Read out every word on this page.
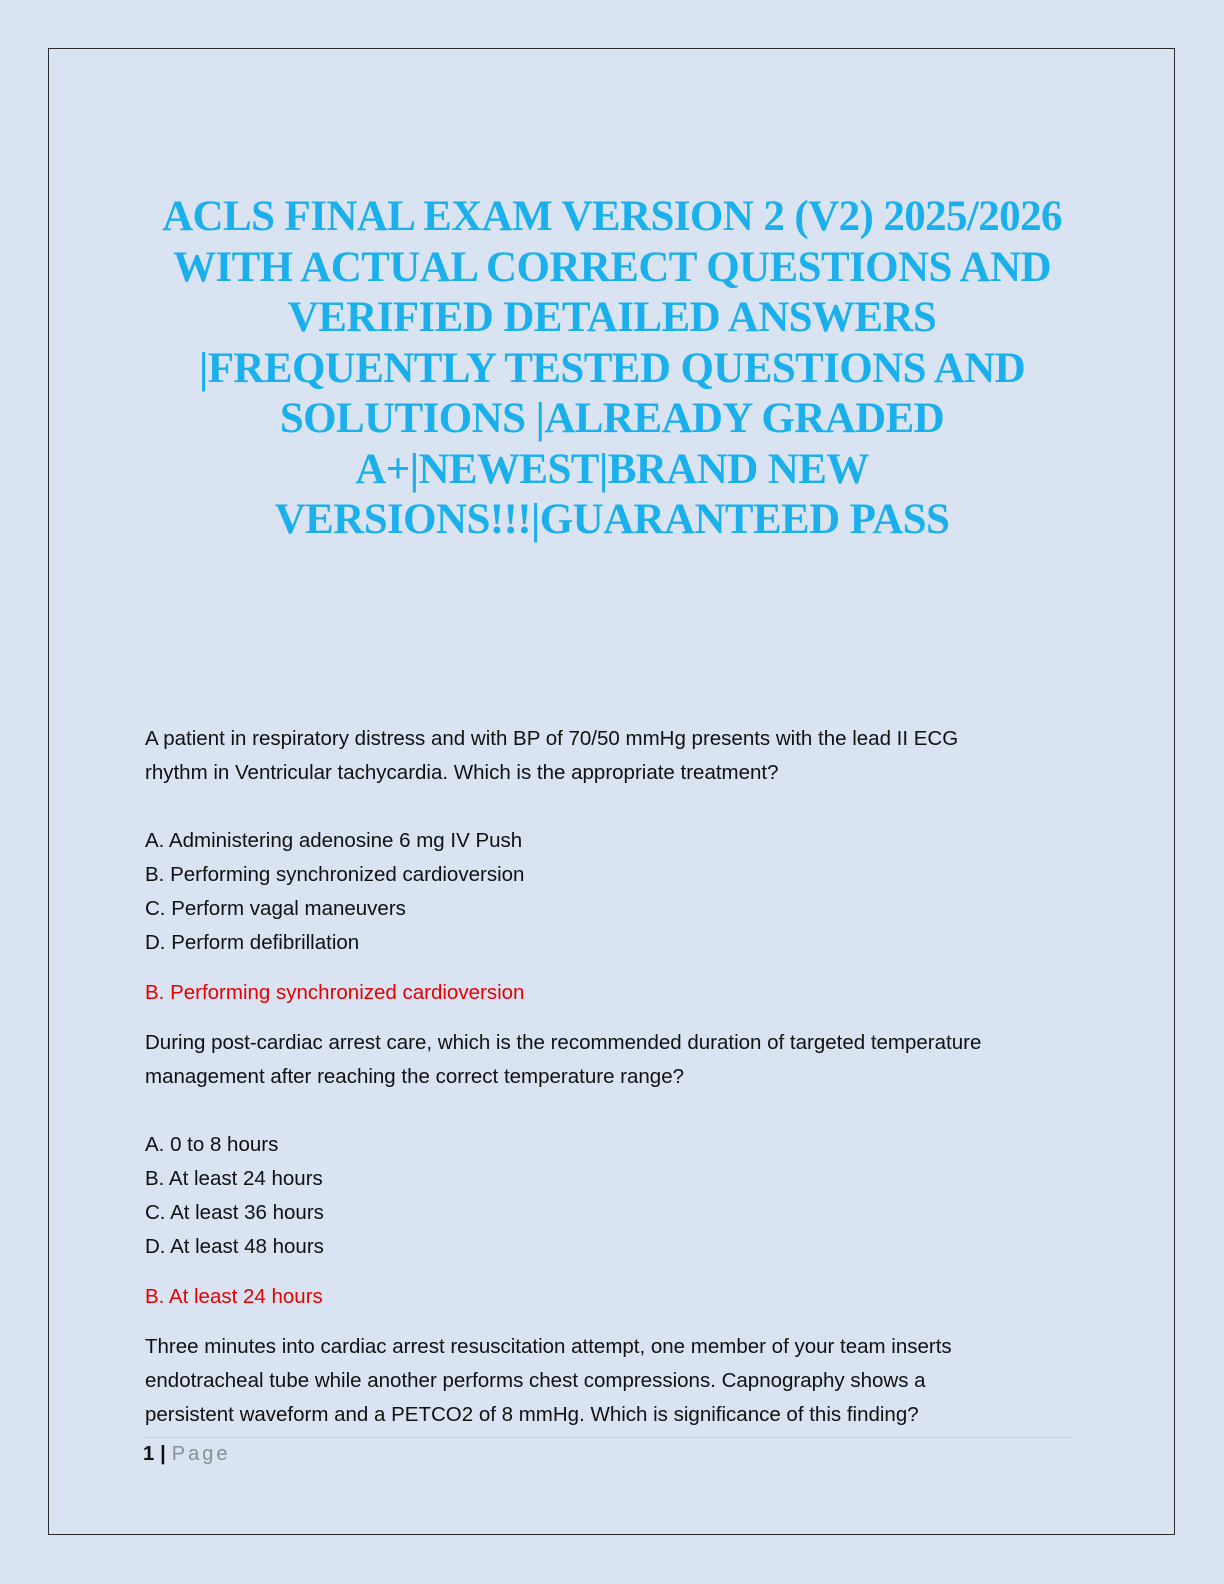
ACLS FINAL EXAM VERSION 2 (V2) 2025/2026
WITH ACTUAL CORRECT QUESTIONS AND
VERIFIED DETAILED ANSWERS
|FREQUENTLY TESTED QUESTIONS AND
SOLUTIONS |ALREADY GRADED
A+|NEWEST|BRAND NEW
VERSIONS!!!|GUARANTEED PASS

A patient in respiratory distress and with BP of 70/50 mmHg presents with the lead II ECG

rhythm in Ventricular tachycardia. Which is the appropriate treatment?

A. Administering adenosine 6 mg IV Push

B. Performing synchronized cardioversion

C. Perform vagal maneuvers

D. Perform defibrillation

B. Performing synchronized cardioversion

During post-cardiac arrest care, which is the recommended duration of targeted temperature

management after reaching the correct temperature range?

A. 0 to 8 hours

B. At least 24 hours

C. At least 36 hours

D. At least 48 hours

B. At least 24 hours

Three minutes into cardiac arrest resuscitation attempt, one member of your team inserts

endotracheal tube while another performs chest compressions. Capnography shows a

persistent waveform and a PETCO2 of 8 mmHg. Which is significance of this finding?

1 | Page
